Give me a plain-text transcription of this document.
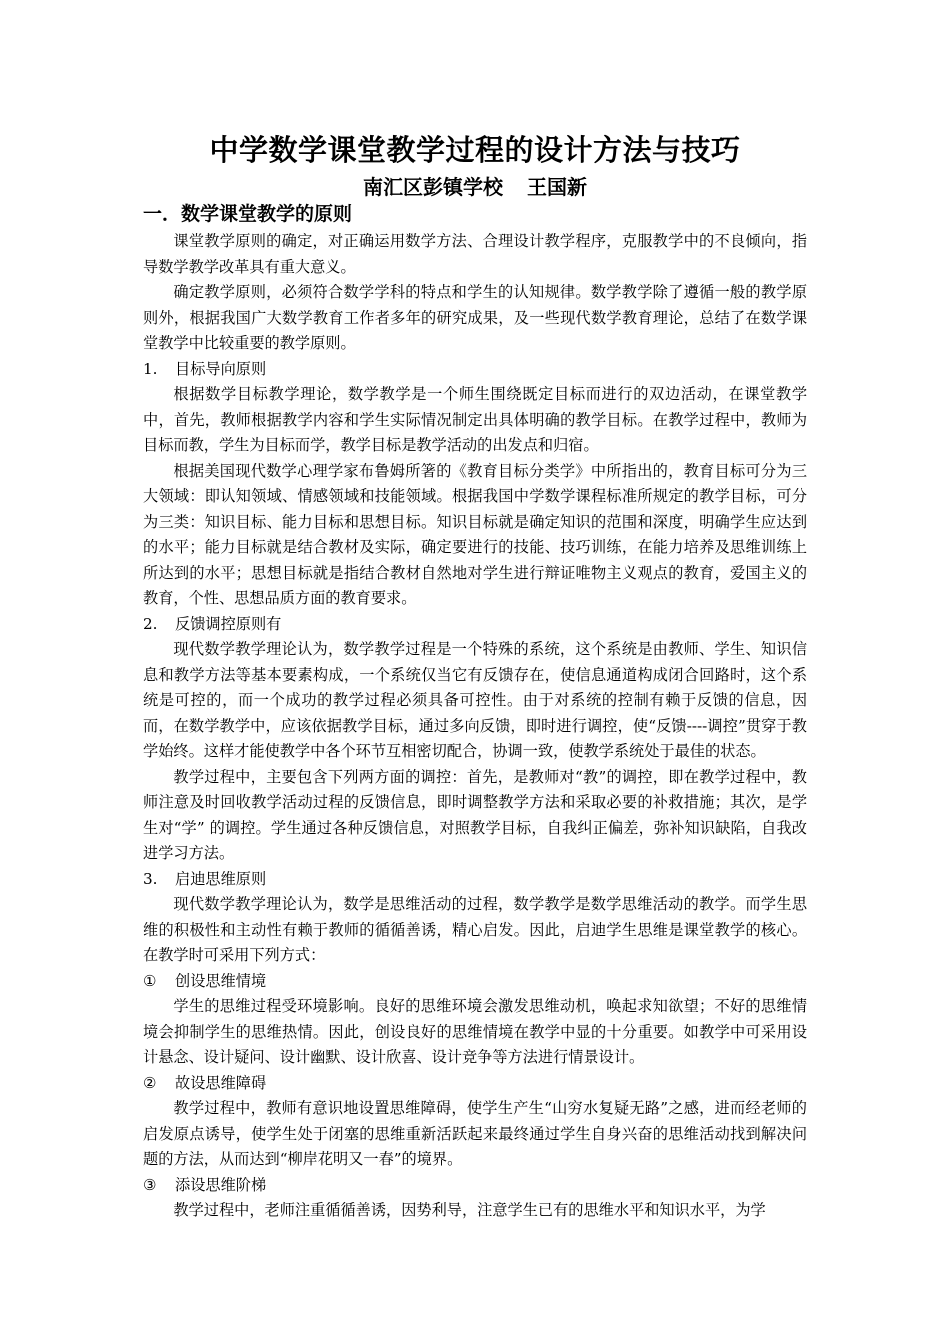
中学数学课堂教学过程的设计方法与技巧
南汇区彭镇学校 王国新
一．数学课堂教学的原则

课堂教学原则的确定，对正确运用数学方法、合理设计教学程序，克服教学中的不良倾向，指导数学教学改革具有重大意义。

确定教学原则，必须符合数学学科的特点和学生的认知规律。数学教学除了遵循一般的教学原则外，根据我国广大数学教育工作者多年的研究成果，及一些现代数学教育理论，总结了在数学课堂教学中比较重要的教学原则。

1. 目标导向原则

根据数学目标教学理论，数学教学是一个师生围绕既定目标而进行的双边活动，在课堂教学中，首先，教师根据教学内容和学生实际情况制定出具体明确的教学目标。在教学过程中，教师为目标而教，学生为目标而学，教学目标是教学活动的出发点和归宿。

根据美国现代数学心理学家布鲁姆所箸的《教育目标分类学》中所指出的，教育目标可分为三大领域：即认知领域、情感领域和技能领域。根据我国中学数学课程标准所规定的教学目标，可分为三类：知识目标、能力目标和思想目标。知识目标就是确定知识的范围和深度，明确学生应达到的水平；能力目标就是结合教材及实际，确定要进行的技能、技巧训练，在能力培养及思维训练上所达到的水平；思想目标就是指结合教材自然地对学生进行辩证唯物主义观点的教育，爱国主义的教育，个性、思想品质方面的教育要求。

2. 反馈调控原则有

现代数学教学理论认为，数学教学过程是一个特殊的系统，这个系统是由教师、学生、知识信息和教学方法等基本要素构成，一个系统仅当它有反馈存在，使信息通道构成闭合回路时，这个系统是可控的，而一个成功的教学过程必须具备可控性。由于对系统的控制有赖于反馈的信息，因而，在数学教学中，应该依据教学目标，通过多向反馈，即时进行调控，使“反馈----调控”贯穿于教学始终。这样才能使教学中各个环节互相密切配合，协调一致，使教学系统处于最佳的状态。

教学过程中，主要包含下列两方面的调控：首先，是教师对“教”的调控，即在教学过程中，教师注意及时回收教学活动过程的反馈信息，即时调整教学方法和采取必要的补救措施；其次，是学生对“学” 的调控。学生通过各种反馈信息，对照教学目标，自我纠正偏差，弥补知识缺陷，自我改进学习方法。

3. 启迪思维原则

现代数学教学理论认为，数学是思维活动的过程，数学教学是数学思维活动的教学。而学生思维的积极性和主动性有赖于教师的循循善诱，精心启发。因此，启迪学生思维是课堂教学的核心。在教学时可采用下列方式：

① 创设思维情境

学生的思维过程受环境影响。良好的思维环境会激发思维动机，唤起求知欲望；不好的思维情境会抑制学生的思维热情。因此，创设良好的思维情境在教学中显的十分重要。如教学中可采用设计悬念、设计疑问、设计幽默、设计欣喜、设计竞争等方法进行情景设计。

② 故设思维障碍

教学过程中，教师有意识地设置思维障碍，使学生产生“山穷水复疑无路”之感，进而经老师的启发原点诱导，使学生处于闭塞的思维重新活跃起来最终通过学生自身兴奋的思维活动找到解决问题的方法，从而达到“柳岸花明又一春”的境界。

③ 添设思维阶梯

教学过程中，老师注重循循善诱，因势利导，注意学生已有的思维水平和知识水平，为学
